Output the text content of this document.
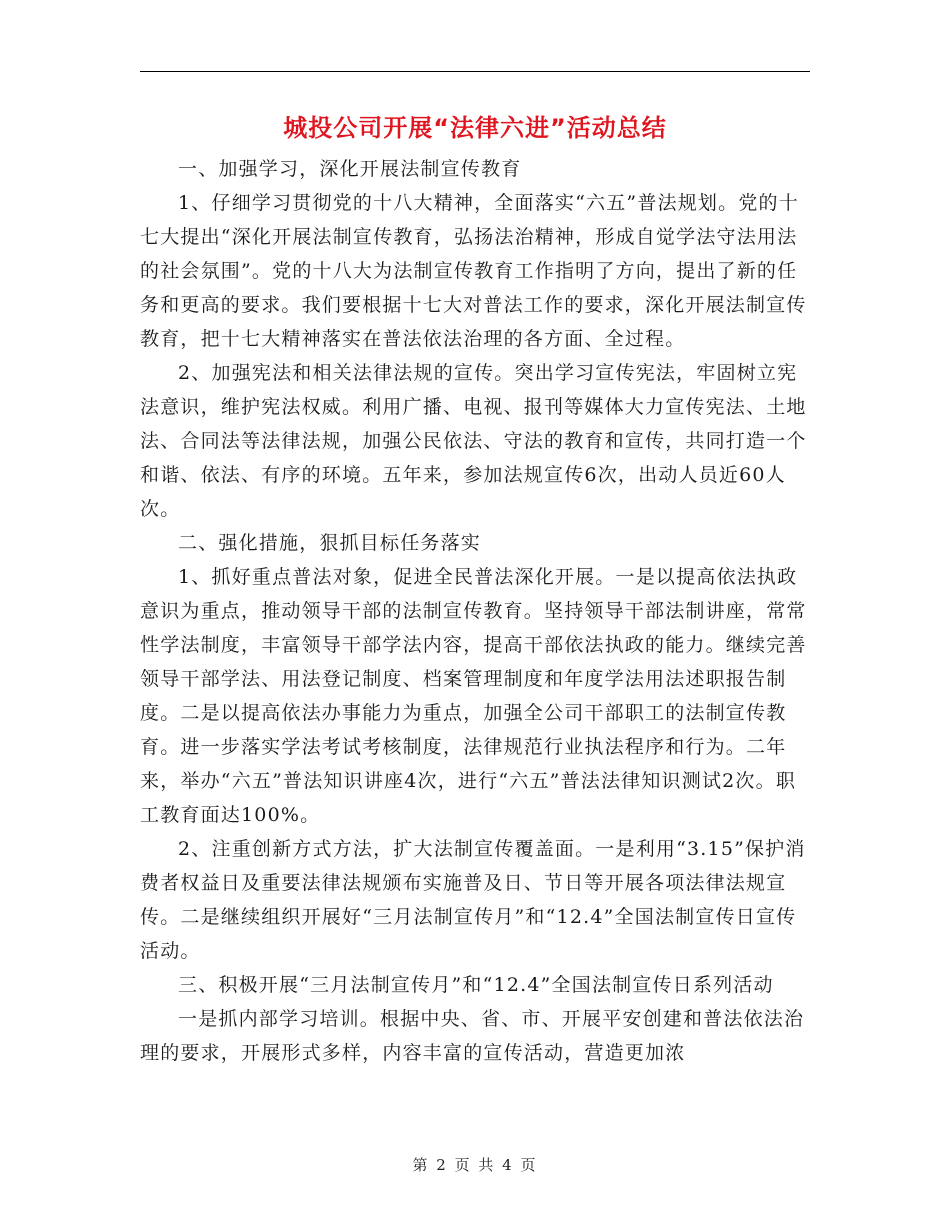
城投公司开展“法律六进”活动总结

一、加强学习，深化开展法制宣传教育

1、仔细学习贯彻党的十八大精神，全面落实“六五”普法规划。党的十七大提出“深化开展法制宣传教育，弘扬法治精神，形成自觉学法守法用法的社会氛围”。党的十八大为法制宣传教育工作指明了方向，提出了新的任务和更高的要求。我们要根据十七大对普法工作的要求，深化开展法制宣传教育，把十七大精神落实在普法依法治理的各方面、全过程。

2、加强宪法和相关法律法规的宣传。突出学习宣传宪法，牢固树立宪法意识，维护宪法权威。利用广播、电视、报刊等媒体大力宣传宪法、土地法、合同法等法律法规，加强公民依法、守法的教育和宣传，共同打造一个和谐、依法、有序的环境。五年来，参加法规宣传6次，出动人员近60人次。

二、强化措施，狠抓目标任务落实

1、抓好重点普法对象，促进全民普法深化开展。一是以提高依法执政意识为重点，推动领导干部的法制宣传教育。坚持领导干部法制讲座，常常性学法制度，丰富领导干部学法内容，提高干部依法执政的能力。继续完善领导干部学法、用法登记制度、档案管理制度和年度学法用法述职报告制度。二是以提高依法办事能力为重点，加强全公司干部职工的法制宣传教育。进一步落实学法考试考核制度，法律规范行业执法程序和行为。二年来，举办“六五”普法知识讲座4次，进行“六五”普法法律知识测试2次。职工教育面达100%。

2、注重创新方式方法，扩大法制宣传覆盖面。一是利用“3.15”保护消费者权益日及重要法律法规颁布实施普及日、节日等开展各项法律法规宣传。二是继续组织开展好“三月法制宣传月”和“12.4”全国法制宣传日宣传活动。

三、积极开展“三月法制宣传月”和“12.4”全国法制宣传日系列活动

一是抓内部学习培训。根据中央、省、市、开展平安创建和普法依法治理的要求，开展形式多样，内容丰富的宣传活动，营造更加浓

第 2 页 共 4 页
